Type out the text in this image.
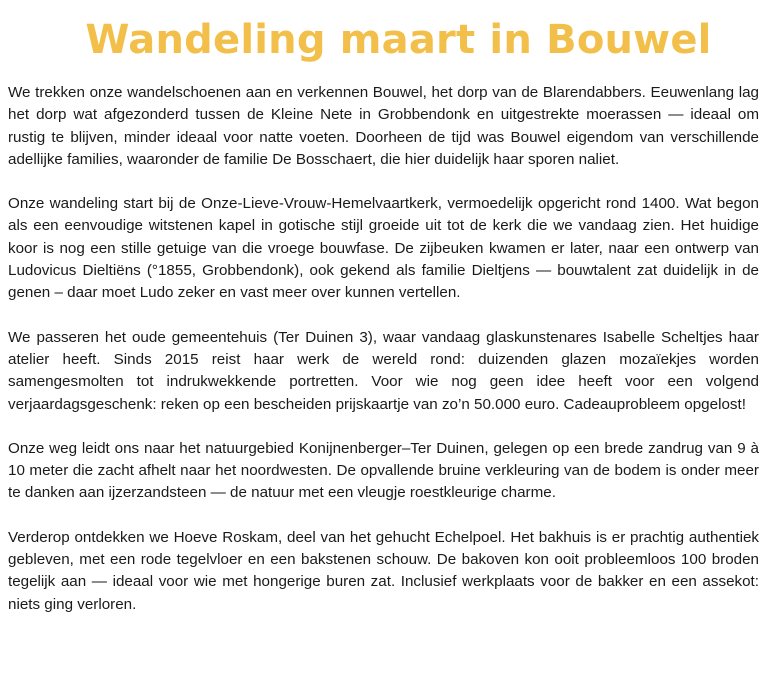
Wandeling maart in Bouwel

We trekken onze wandelschoenen aan en verkennen Bouwel, het dorp van de Blarendabbers. Eeuwenlang lag het dorp wat afgezonderd tussen de Kleine Nete in Grobbendonk en uitgestrekte moerassen — ideaal om rustig te blijven, minder ideaal voor natte voeten. Doorheen de tijd was Bouwel eigendom van verschillende adellijke families, waaronder de familie De Bosschaert, die hier duidelijk haar sporen naliet.

Onze wandeling start bij de Onze-Lieve-Vrouw-Hemelvaartkerk, vermoedelijk opgericht rond 1400. Wat begon als een eenvoudige witstenen kapel in gotische stijl groeide uit tot de kerk die we vandaag zien. Het huidige koor is nog een stille getuige van die vroege bouwfase. De zijbeuken kwamen er later, naar een ontwerp van Ludovicus Dieltiëns (°1855, Grobbendonk), ook gekend als familie Dieltjens — bouwtalent zat duidelijk in de genen – daar moet Ludo zeker en vast meer over kunnen vertellen.

We passeren het oude gemeentehuis (Ter Duinen 3), waar vandaag glaskunstenares Isabelle Scheltjes haar atelier heeft. Sinds 2015 reist haar werk de wereld rond: duizenden glazen mozaïekjes worden samengesmolten tot indrukwekkende portretten. Voor wie nog geen idee heeft voor een volgend verjaardagsgeschenk: reken op een bescheiden prijskaartje van zo’n 50.000 euro. Cadeauprobleem opgelost!

Onze weg leidt ons naar het natuurgebied Konijnenberger–Ter Duinen, gelegen op een brede zandrug van 9 à 10 meter die zacht afhelt naar het noordwesten. De opvallende bruine verkleuring van de bodem is onder meer te danken aan ijzerzandsteen — de natuur met een vleugje roestkleurige charme.

Verderop ontdekken we Hoeve Roskam, deel van het gehucht Echelpoel. Het bakhuis is er prachtig authentiek gebleven, met een rode tegelvloer en een bakstenen schouw. De bakoven kon ooit probleemloos 100 broden tegelijk aan — ideaal voor wie met hongerige buren zat. Inclusief werkplaats voor de bakker en een assekot: niets ging verloren.
